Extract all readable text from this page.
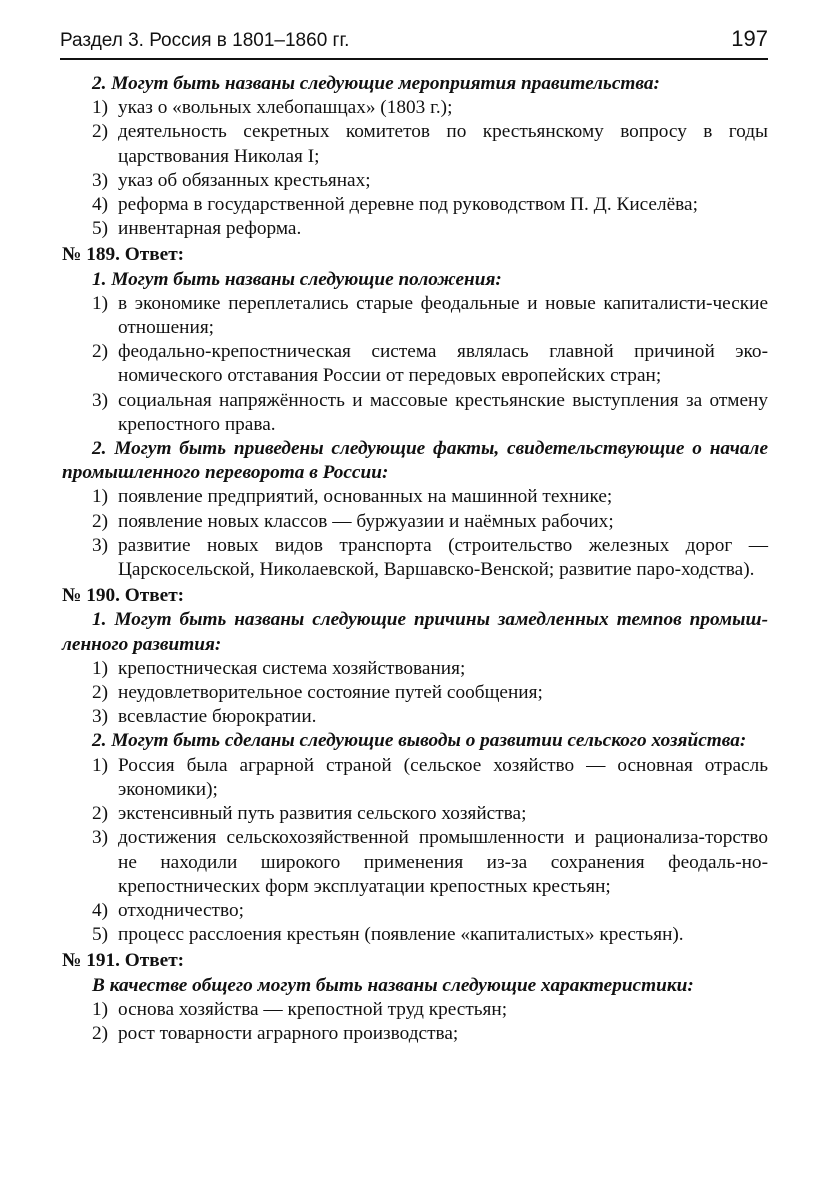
Раздел 3. Россия в 1801–1860 гг.	197

2. Могут быть названы следующие мероприятия правительства:

1) указ о «вольных хлебопашцах» (1803 г.);
2) деятельность секретных комитетов по крестьянскому вопросу в годы царствования Николая I;
3) указ об обязанных крестьянах;
4) реформа в государственной деревне под руководством П. Д. Киселёва;
5) инвентарная реформа.

№ 189. Ответ:

1. Могут быть названы следующие положения:

1) в экономике переплетались старые феодальные и новые капиталисти-ческие отношения;
2) феодально-крепостническая система являлась главной причиной эко-номического отставания России от передовых европейских стран;
3) социальная напряжённость и массовые крестьянские выступления за отмену крепостного права.

2. Могут быть приведены следующие факты, свидетельствующие о начале промышленного переворота в России:

1) появление предприятий, основанных на машинной технике;
2) появление новых классов — буржуазии и наёмных рабочих;
3) развитие новых видов транспорта (строительство железных дорог — Царскосельской, Николаевской, Варшавско-Венской; развитие паро-ходства).

№ 190. Ответ:

1. Могут быть названы следующие причины замедленных темпов промыш-ленного развития:

1) крепостническая система хозяйствования;
2) неудовлетворительное состояние путей сообщения;
3) всевластие бюрократии.

2. Могут быть сделаны следующие выводы о развитии сельского хозяйства:

1) Россия была аграрной страной (сельское хозяйство — основная отрасль экономики);
2) экстенсивный путь развития сельского хозяйства;
3) достижения сельскохозяйственной промышленности и рационализа-торство не находили широкого применения из-за сохранения феодаль-но-крепостнических форм эксплуатации крепостных крестьян;
4) отходничество;
5) процесс расслоения крестьян (появление «капиталистых» крестьян).

№ 191. Ответ:

В качестве общего могут быть названы следующие характеристики:

1) основа хозяйства — крепостной труд крестьян;
2) рост товарности аграрного производства;
